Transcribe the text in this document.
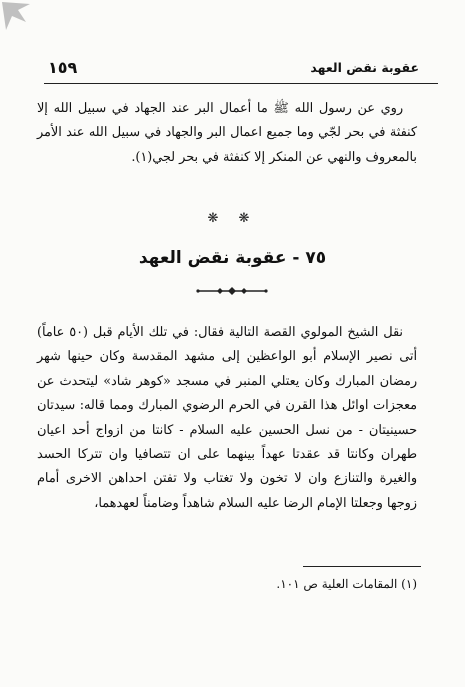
عقوبة نقض العهد
١٥٩

روي عن رسول الله ﷺ ما أعمال البر عند الجهاد في سبيل الله إلا كنفثة في بحر لجّي وما جميع اعمال البر والجهاد في سبيل الله عند الأمر بالمعروف والنهي عن المنكر إلا كنفثة في بحر لجي(١).

❋ ❋
٧٥ - عقوبة نقض العهد

نقل الشيخ المولوي القصة التالية فقال: في تلك الأيام قبل (٥٠ عاماً) أتى نصير الإسلام أبو الواعظين إلى مشهد المقدسة وكان حينها شهر رمضان المبارك وكان يعتلي المنبر في مسجد «كوهر شاد» ليتحدث عن معجزات اوائل هذا القرن في الحرم الرضوي المبارك ومما قاله: سيدتان حسينيتان - من نسل الحسين عليه السلام - كانتا من ازواج أحد اعيان طهران وكانتا قد عقدتا عهداً بينهما على ان تتصافيا وان تتركا الحسد والغيرة والتنازع وان لا تخون ولا تغتاب ولا تفتن احداهن الاخرى أمام زوجها وجعلتا الإمام الرضا عليه السلام شاهداً وضامناً لعهدهما،

(١) المقامات العلية ص ١٠١.
